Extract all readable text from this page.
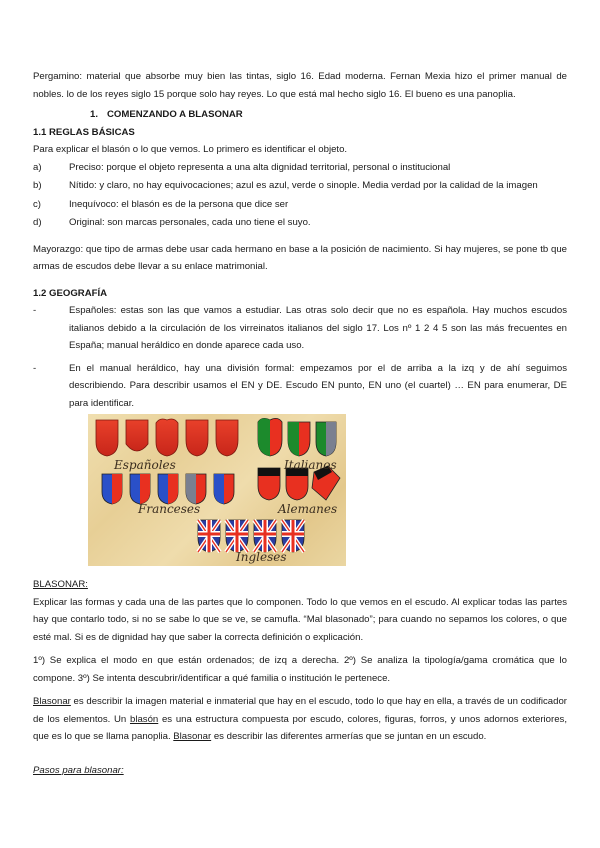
Pergamino: material que absorbe muy bien las tintas, siglo 16. Edad moderna. Fernan Mexia hizo el primer manual de nobles. lo de los reyes siglo 15 porque solo hay reyes. Lo que está mal hecho siglo 16. El bueno es una panoplia.

1. COMENZANDO A BLASONAR

1.1 REGLAS BÁSICAS

Para explicar el blasón o lo que vemos. Lo primero es identificar el objeto.

a)	Preciso: porque el objeto representa a una alta dignidad territorial, personal o institucional
b)	Nítido: y claro, no hay equivocaciones; azul es azul, verde o sinople. Media verdad por la calidad de la imagen
c)	Inequívoco: el blasón es de la persona que dice ser
d)	Original: son marcas personales, cada uno tiene el suyo.

Mayorazgo: que tipo de armas debe usar cada hermano en base a la posición de nacimiento. Si hay mujeres, se pone tb que armas de escudos debe llevar a su enlace matrimonial.

1.2 GEOGRAFÍA

-	Españoles: estas son las que vamos a estudiar. Las otras solo decir que no es española. Hay muchos escudos italianos debido a la circulación de los virreinatos italianos del siglo 17. Los nº 1 2 4 5 son las más frecuentes en España; manual heráldico en donde aparece cada uso.
-	En el manual heráldico, hay una división formal: empezamos por el de arriba a la izq y de ahí seguimos describiendo. Para describir usamos el EN y DE. Escudo EN punto, EN uno (el cuartel) … EN para enumerar, DE para identificar.
Españoles	Italianos
Franceses	Alemanes
Ingleses

BLASONAR:

Explicar las formas y cada una de las partes que lo componen. Todo lo que vemos en el escudo. Al explicar todas las partes hay que contarlo todo, si no se sabe lo que se ve, se camufla. “Mal blasonado”; para cuando no sepamos los colores, o que esté mal. Si es de dignidad hay que saber la correcta definición o explicación.

1º) Se explica el modo en que están ordenados; de izq a derecha. 2º) Se analiza la tipología/gama cromática que lo compone. 3º) Se intenta descubrir/identificar a qué familia o institución le pertenece.

Blasonar es describir la imagen material e inmaterial que hay en el escudo, todo lo que hay en ella, a través de un codificador de los elementos. Un blasón es una estructura compuesta por escudo, colores, figuras, forros, y unos adornos exteriores, que es lo que se llama panoplia. Blasonar es describir las diferentes armerías que se juntan en un escudo.

Pasos para blasonar:
